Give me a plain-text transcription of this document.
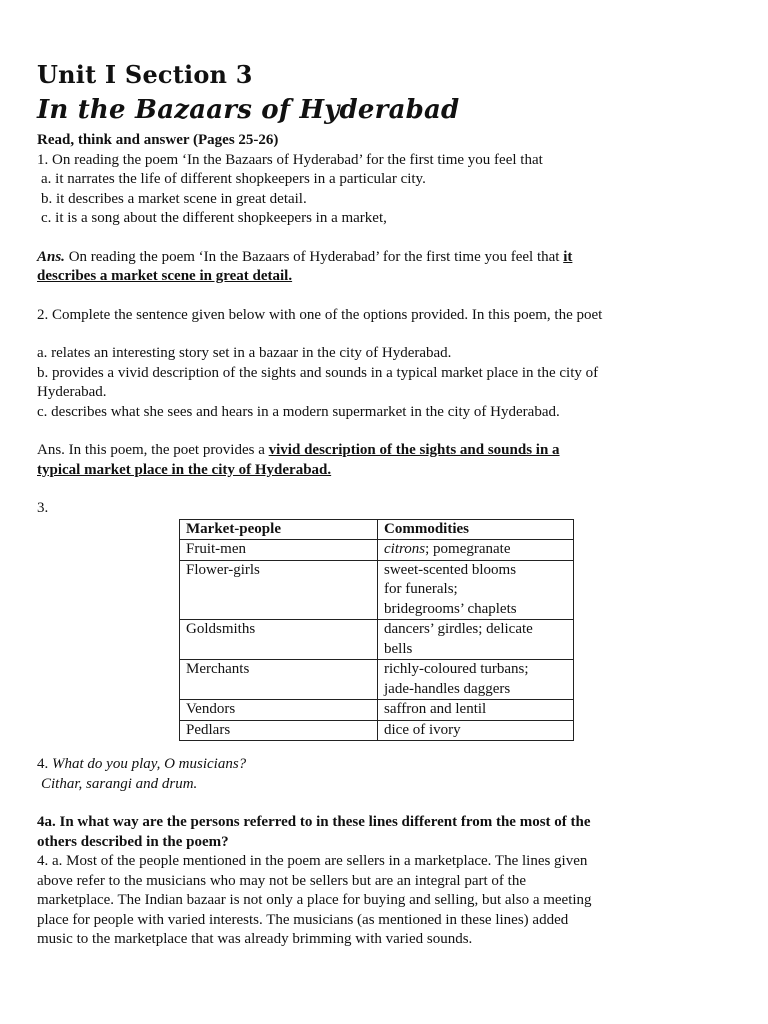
Unit I Section 3
In the Bazaars of Hyderabad

Read, think and answer (Pages 25-26)

1. On reading the poem ‘In the Bazaars of Hyderabad’ for the first time you feel that

a. it narrates the life of different shopkeepers in a particular city.

b. it describes a market scene in great detail.

c. it is a song about the different shopkeepers in a market,

Ans. On reading the poem ‘In the Bazaars of Hyderabad’ for the first time you feel that it

describes a market scene in great detail.

2. Complete the sentence given below with one of the options provided. In this poem, the poet

a. relates an interesting story set in a bazaar in the city of Hyderabad.

b. provides a vivid description of the sights and sounds in a typical market place in the city of

Hyderabad.

c. describes what she sees and hears in a modern supermarket in the city of Hyderabad.

Ans. In this poem, the poet provides a vivid description of the sights and sounds in a

typical market place in the city of Hyderabad.

3.

Market-people	Commodities
Fruit-men	citrons; pomegranate
Flower-girls	sweet-scented blooms
for funerals;
bridegrooms’ chaplets

Goldsmiths	dancers’ girdles; delicate
bells

Merchants	richly-coloured turbans;
jade-handles daggers

Vendors	saffron and lentil

Pedlars	dice of ivory

4. What do you play, O musicians?

Cithar, sarangi and drum.

4a. In what way are the persons referred to in these lines different from the most of the

others described in the poem?

4. a. Most of the people mentioned in the poem are sellers in a marketplace. The lines given

above refer to the musicians who may not be sellers but are an integral part of the

marketplace. The Indian bazaar is not only a place for buying and selling, but also a meeting

place for people with varied interests. The musicians (as mentioned in these lines) added

music to the marketplace that was already brimming with varied sounds.
